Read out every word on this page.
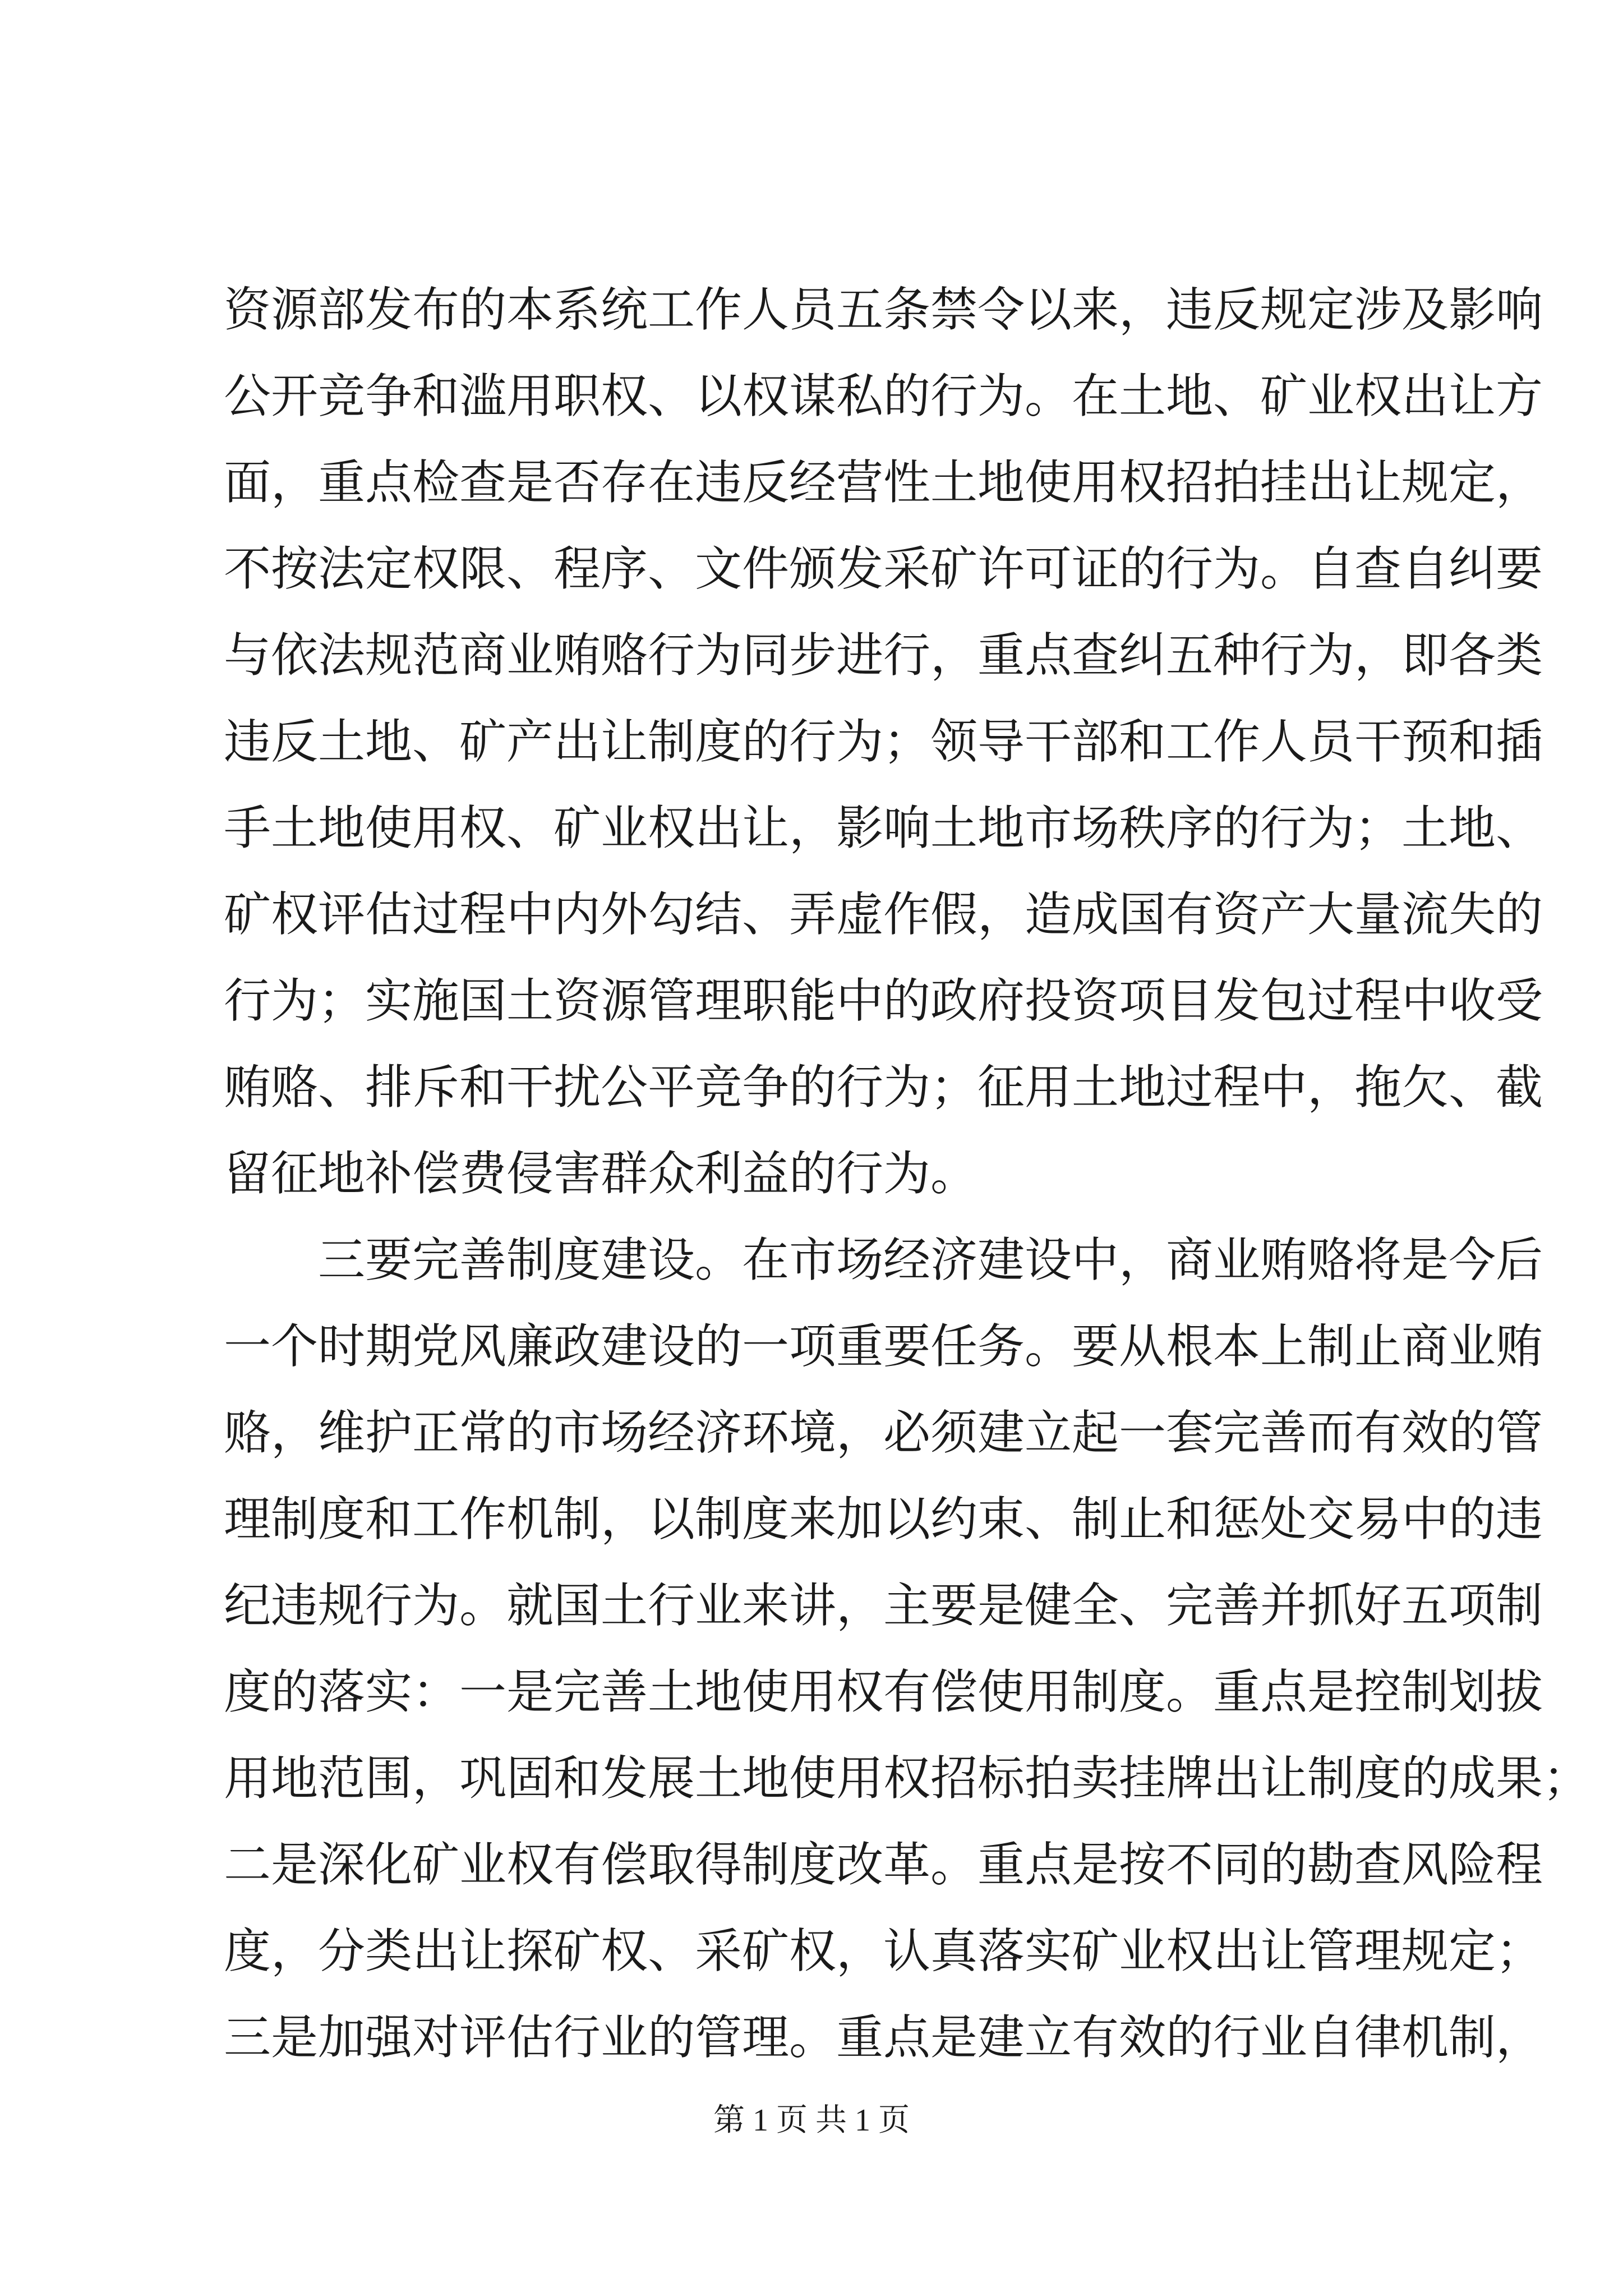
资源部发布的本系统工作人员五条禁令以来，违反规定涉及影响
公开竞争和滥用职权、以权谋私的行为。在土地、矿业权出让方
面，重点检查是否存在违反经营性土地使用权招拍挂出让规定，
不按法定权限、程序、文件颁发采矿许可证的行为。自查自纠要
与依法规范商业贿赂行为同步进行，重点查纠五种行为，即各类
违反土地、矿产出让制度的行为；领导干部和工作人员干预和插
手土地使用权、矿业权出让，影响土地市场秩序的行为；土地、
矿权评估过程中内外勾结、弄虚作假，造成国有资产大量流失的
行为；实施国土资源管理职能中的政府投资项目发包过程中收受
贿赂、排斥和干扰公平竞争的行为；征用土地过程中，拖欠、截
留征地补偿费侵害群众利益的行为。
三要完善制度建设。在市场经济建设中，商业贿赂将是今后
一个时期党风廉政建设的一项重要任务。要从根本上制止商业贿
赂，维护正常的市场经济环境，必须建立起一套完善而有效的管
理制度和工作机制，以制度来加以约束、制止和惩处交易中的违
纪违规行为。就国土行业来讲，主要是健全、完善并抓好五项制
度的落实：一是完善土地使用权有偿使用制度。重点是控制划拔
用地范围，巩固和发展土地使用权招标拍卖挂牌出让制度的成果；
二是深化矿业权有偿取得制度改革。重点是按不同的勘查风险程
度，分类出让探矿权、采矿权，认真落实矿业权出让管理规定；
三是加强对评估行业的管理。重点是建立有效的行业自律机制，
第 1 页 共 1 页
